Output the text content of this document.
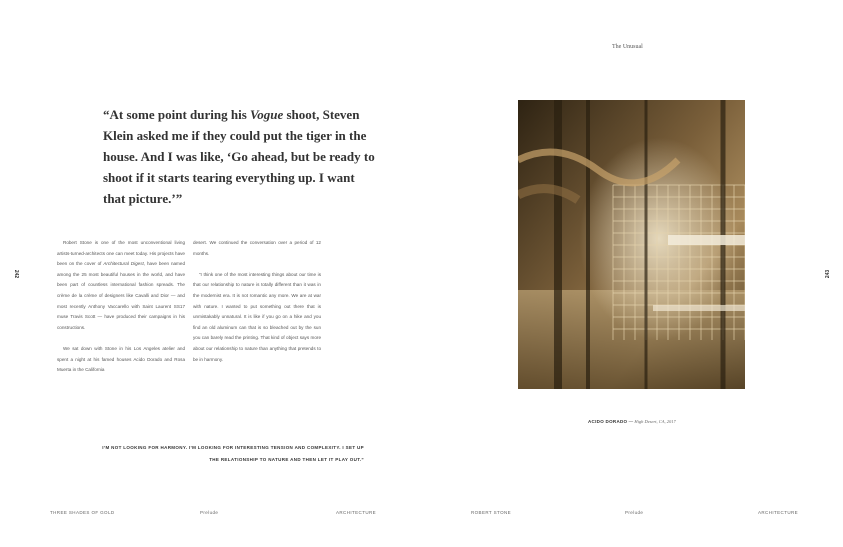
The Unusual

“At some point during his Vogue shoot, Steven Klein asked me if they could put the tiger in the house. And I was like, ‘Go ahead, but be ready to shoot if it starts tearing everything up. I want that picture.’”

Robert Stone is one of the most unconventional living artists-turned-architects one can meet today. His projects have been on the cover of Architectural Digest, have been named among the 25 most beautiful houses in the world, and have been part of countless international fashion spreads. The crème de la crème of designers like Cavalli and Dior — and most recently Anthony Vaccarello with Saint Laurent SS17 muse Travis Scott — have produced their campaigns in his constructions.

We sat down with Stone in his Los Angeles atelier and spent a night at his famed houses Acido Dorado and Rosa Muerta in the California

desert. We continued the conversation over a period of 12 months.

“I think one of the most interesting things about our time is that our relationship to nature is totally different than it was in the modernist era. It is not romantic any more. We are at war with nature. I wanted to put something out there that is unmistakably unnatural. It is like if you go on a hike and you find an old aluminum can that is so bleached out by the sun you can barely read the printing. That kind of object says more about our relationship to nature than anything that pretends to be in harmony.

242	243
ACIDO DORADO — High Desert, CA, 2017
I’M NOT LOOKING FOR HARMONY. I’M LOOKING FOR INTERESTING TENSION AND COMPLEXITY. I SET UP
THE RELATIONSHIP TO NATURE AND THEN LET IT PLAY OUT.”
THREE SHADES OF GOLD	Prelude	ARCHITECTURE	ROBERT STONE	Prelude	ARCHITECTURE
